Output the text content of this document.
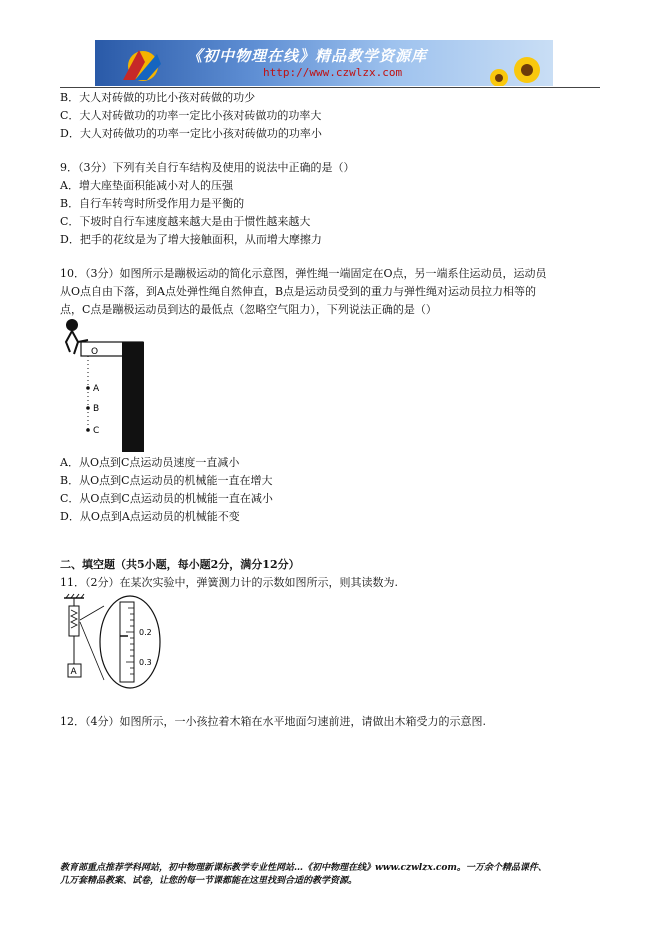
《初中物理在线》精品教学资源库
http://www.czwlzx.com
B．大人对砖做的功比小孩对砖做的功少
C．大人对砖做功的功率一定比小孩对砖做功的功率大
D．大人对砖做功的功率一定比小孩对砖做功的功率小
9．（3分）下列有关自行车结构及使用的说法中正确的是（）
A．增大座垫面积能减小对人的压强
B．自行车转弯时所受作用力是平衡的
C．下坡时自行车速度越来越大是由于惯性越来越大
D．把手的花纹是为了增大接触面积，从而增大摩擦力
10．（3分）如图所示是蹦极运动的简化示意图，弹性绳一端固定在O点，另一端系住运动员，运动员
从O点自由下落，到A点处弹性绳自然伸直，B点是运动员受到的重力与弹性绳对运动员拉力相等的
点，C点是蹦极运动员到达的最低点（忽略空气阻力），下列说法正确的是（）
O
A
B
C
A．从O点到C点运动员速度一直减小
B．从O点到C点运动员的机械能一直在增大
C．从O点到C点运动员的机械能一直在减小
D．从O点到A点运动员的机械能不变
二、填空题（共5小题，每小题2分，满分12分）
11．（2分）在某次实验中，弹簧测力计的示数如图所示，则其读数为.
A
0.2
0.3
12．（4分）如图所示，一小孩拉着木箱在水平地面匀速前进，请做出木箱受力的示意图.
教育部重点推荐学科网站，初中物理新课标教学专业性网站…《初中物理在线》www.czwlzx.com。一万余个精品课件、
几万套精品教案、试卷，让您的每一节课都能在这里找到合适的教学资源。
